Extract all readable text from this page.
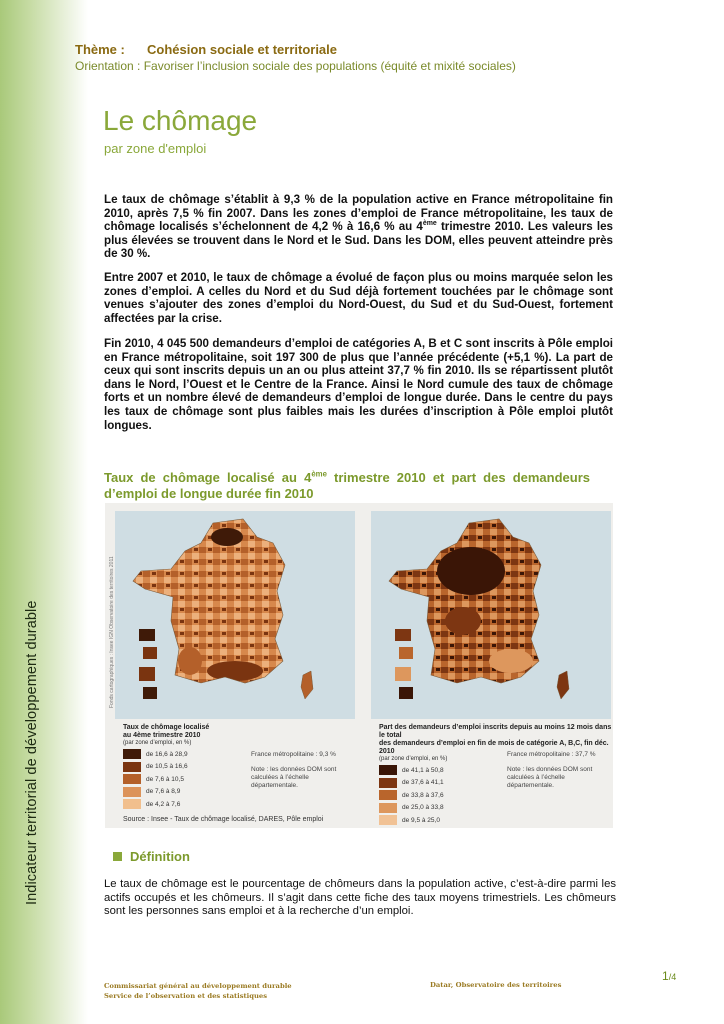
Indicateur territorial de développement durable
Thème : Cohésion sociale et territoriale
Orientation : Favoriser l’inclusion sociale des populations (équité et mixité sociales)
Le chômage
par zone d'emploi

Le taux de chômage s’établit à 9,3 % de la population active en France métropolitaine fin 2010, après 7,5 % fin 2007. Dans les zones d’emploi de France métropolitaine, les taux de chômage localisés s’échelonnent de 4,2 % à 16,6 % au 4ème trimestre 2010. Les valeurs les plus élevées se trouvent dans le Nord et le Sud. Dans les DOM, elles peuvent atteindre près de 30 %.

Entre 2007 et 2010, le taux de chômage a évolué de façon plus ou moins marquée selon les zones d’emploi. A celles du Nord et du Sud déjà fortement touchées par le chômage sont venues s’ajouter des zones d’emploi du Nord-Ouest, du Sud et du Sud-Ouest, fortement affectées par la crise.

Fin 2010, 4 045 500 demandeurs d’emploi de catégories A, B et C sont inscrits à Pôle emploi en France métropolitaine, soit 197 300 de plus que l’année précédente (+5,1 %). La part de ceux qui sont inscrits depuis un an ou plus atteint 37,7 % fin 2010. Ils se répartissent plutôt dans le Nord, l’Ouest et le Centre de la France. Ainsi le Nord cumule des taux de chômage forts et un nombre élevé de demandeurs d’emploi de longue durée. Dans le centre du pays les taux de chômage sont plus faibles mais les durées d’inscription à Pôle emploi plutôt longues.

Taux de chômage localisé au 4ème trimestre 2010 et part des demandeurs d’emploi de longue durée fin 2010
Fonds cartographiques : Insee IGN Observatoire des territoires 2011
Taux de chômage localisé
au 4ème trimestre 2010
(par zone d’emploi, en %)
de 16,6 à 28,9
de 10,5 à 16,6
de 7,6 à 10,5
de 7,6 à 8,9
de 4,2 à 7,6
France métropolitaine : 9,3 %
Note : les données DOM sont calculées à l’échelle départementale.
Part des demandeurs d’emploi inscrits depuis au moins 12 mois dans le total
des demandeurs d’emploi en fin de mois de catégorie A, B,C, fin déc. 2010
(par zone d’emploi, en %)
de 41,1 à 50,8
de 37,6 à 41,1
de 33,8 à 37,6
de 25,0 à 33,8
de 9,5 à 25,0
France métropolitaine : 37,7 %
Note : les données DOM sont calculées à l’échelle départementale.
Source : Insee - Taux de chômage localisé, DARES, Pôle emploi
Définition
Le taux de chômage est le pourcentage de chômeurs dans la population active, c’est-à-dire parmi les actifs occupés et les chômeurs. Il s’agit dans cette fiche des taux moyens trimestriels. Les chômeurs sont les personnes sans emploi et à la recherche d’un emploi.
1/4
Commissariat général au développement durable
Service de l’observation et des statistiques
Datar, Observatoire des territoires
